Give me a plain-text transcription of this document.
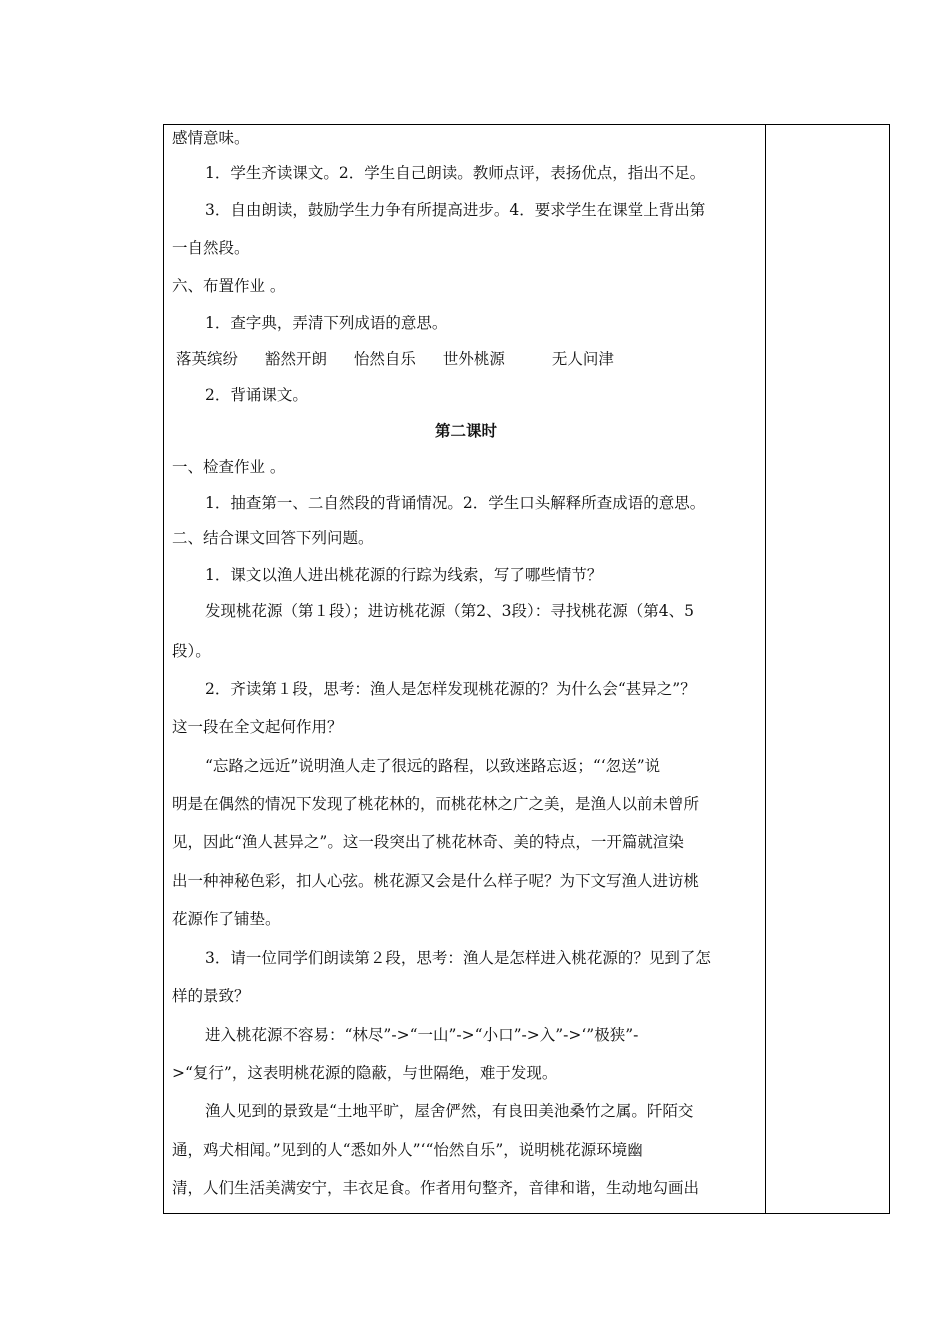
感情意味。
1．学生齐读课文。2．学生自己朗读。教师点评，表扬优点，指出不足。
3．自由朗读，鼓励学生力争有所提高进步。4．要求学生在课堂上背出第
一自然段。
六、布置作业 。
1．查字典，弄清下列成语的意思。
落英缤纷 豁然开朗 怡然自乐 世外桃源	无人问津
2．背诵课文。
第二课时
一、检查作业 。
1．抽查第一、二自然段的背诵情况。2．学生口头解释所查成语的意思。
二、结合课文回答下列问题。
1．课文以渔人进出桃花源的行踪为线索，写了哪些情节？
发现桃花源（第１段）；进访桃花源（第2、3段）：寻找桃花源（第4、5
段）。
2．齐读第１段，思考：渔人是怎样发现桃花源的？为什么会“甚异之”？
这一段在全文起何作用？
“忘路之远近”说明渔人走了很远的路程，以致迷路忘返；“‘忽送”说
明是在偶然的情况下发现了桃花林的，而桃花林之广之美，是渔人以前未曾所
见，因此“渔人甚异之”。这一段突出了桃花林奇、美的特点，一开篇就渲染
出一种神秘色彩，扣人心弦。桃花源又会是什么样子呢？为下文写渔人进访桃
花源作了铺垫。
3．请一位同学们朗读第２段，思考：渔人是怎样进入桃花源的？见到了怎
样的景致？
进入桃花源不容易：“林尽”->“一山”->“小口”->入”->‘”极狭”-
>“复行”，这表明桃花源的隐蔽，与世隔绝，难于发现。
渔人见到的景致是“土地平旷，屋舍俨然，有良田美池桑竹之属。阡陌交
通，鸡犬相闻。”见到的人“悉如外人”‘“怡然自乐”，说明桃花源环境幽
清，人们生活美满安宁，丰衣足食。作者用句整齐，音律和谐，生动地勾画出
